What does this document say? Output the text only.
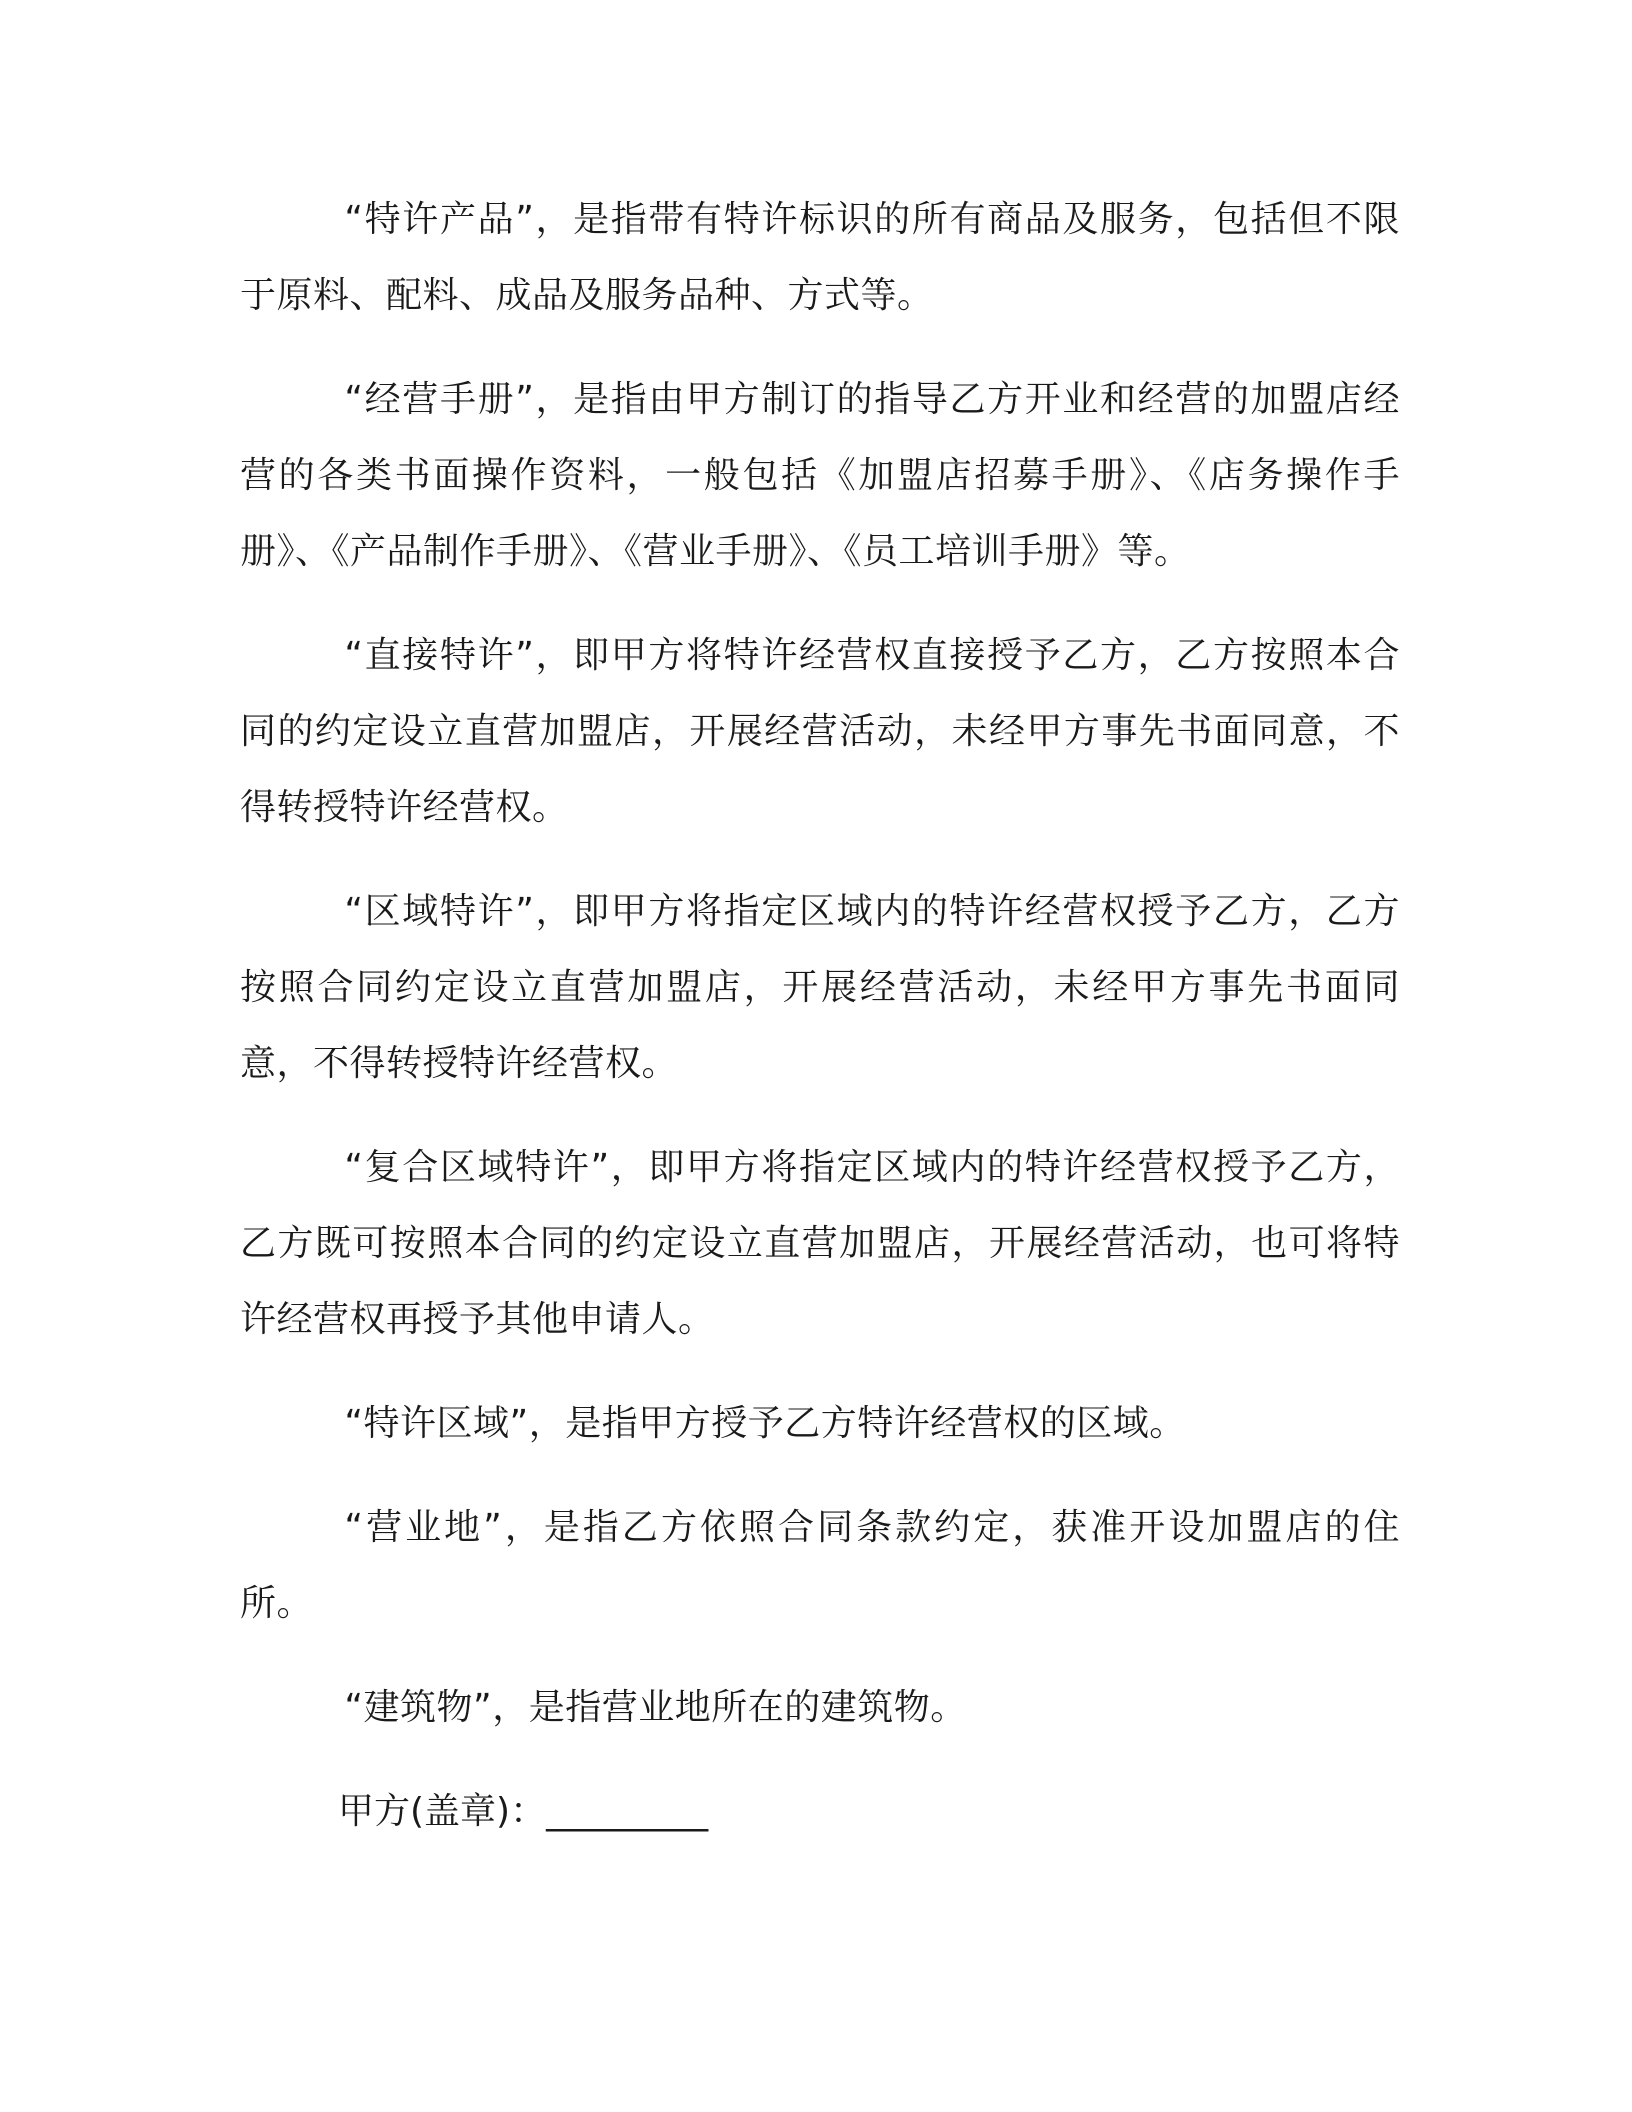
“特许产品”，是指带有特许标识的所有商品及服务，包括但不限于原料、配料、成品及服务品种、方式等。

“经营手册”，是指由甲方制订的指导乙方开业和经营的加盟店经营的各类书面操作资料，一般包括《加盟店招募手册》、《店务操作手册》、《产品制作手册》、《营业手册》、《员工培训手册》等。

“直接特许”，即甲方将特许经营权直接授予乙方，乙方按照本合同的约定设立直营加盟店，开展经营活动，未经甲方事先书面同意，不得转授特许经营权。

“区域特许”，即甲方将指定区域内的特许经营权授予乙方，乙方按照合同约定设立直营加盟店，开展经营活动，未经甲方事先书面同意，不得转授特许经营权。

“复合区域特许”，即甲方将指定区域内的特许经营权授予乙方，乙方既可按照本合同的约定设立直营加盟店，开展经营活动，也可将特许经营权再授予其他申请人。

“特许区域”，是指甲方授予乙方特许经营权的区域。

“营业地”，是指乙方依照合同条款约定，获准开设加盟店的住所。

“建筑物”，是指营业地所在的建筑物。

甲方(盖章)：_________
